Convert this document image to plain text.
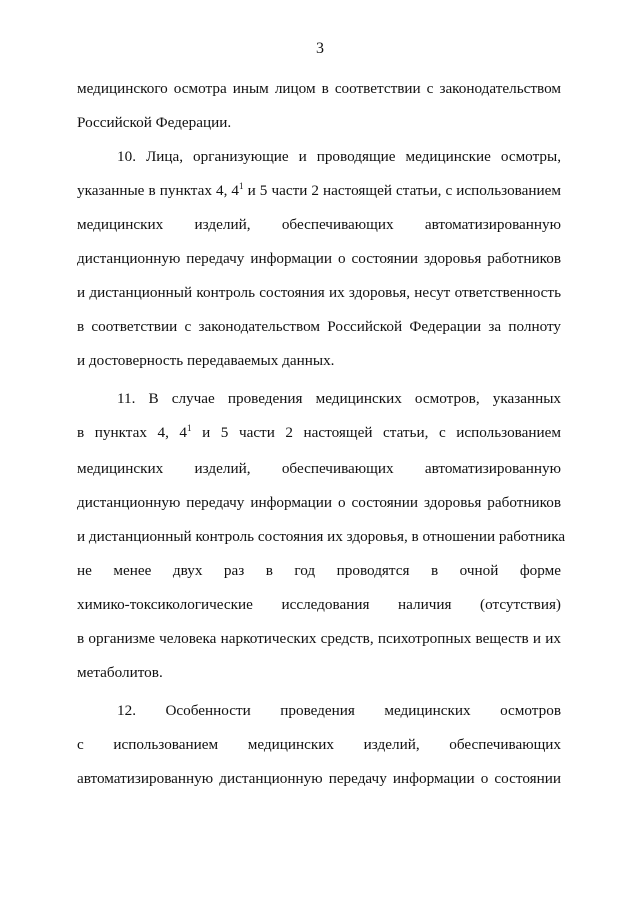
3
медицинского осмотра иным лицом в соответствии с законодательством
Российской Федерации.
10. Лица, организующие и проводящие медицинские осмотры,
указанные в пунктах 4, $4^1$ и 5 части 2 настоящей статьи, с использованием
медицинских изделий, обеспечивающих автоматизированную
дистанционную передачу информации о состоянии здоровья работников
и дистанционный контроль состояния их здоровья, несут ответственность
в соответствии с законодательством Российской Федерации за полноту
и достоверность передаваемых данных.
11. В случае проведения медицинских осмотров, указанных
в пунктах 4, $4^1$ и 5 части 2 настоящей статьи, с использованием
медицинских изделий, обеспечивающих автоматизированную
дистанционную передачу информации о состоянии здоровья работников
и дистанционный контроль состояния их здоровья, в отношении работника
не менее двух раз в год проводятся в очной форме
химико-токсикологические исследования наличия (отсутствия)
в организме человека наркотических средств, психотропных веществ и их
метаболитов.
12. Особенности проведения медицинских осмотров
с использованием медицинских изделий, обеспечивающих
автоматизированную дистанционную передачу информации о состоянии
